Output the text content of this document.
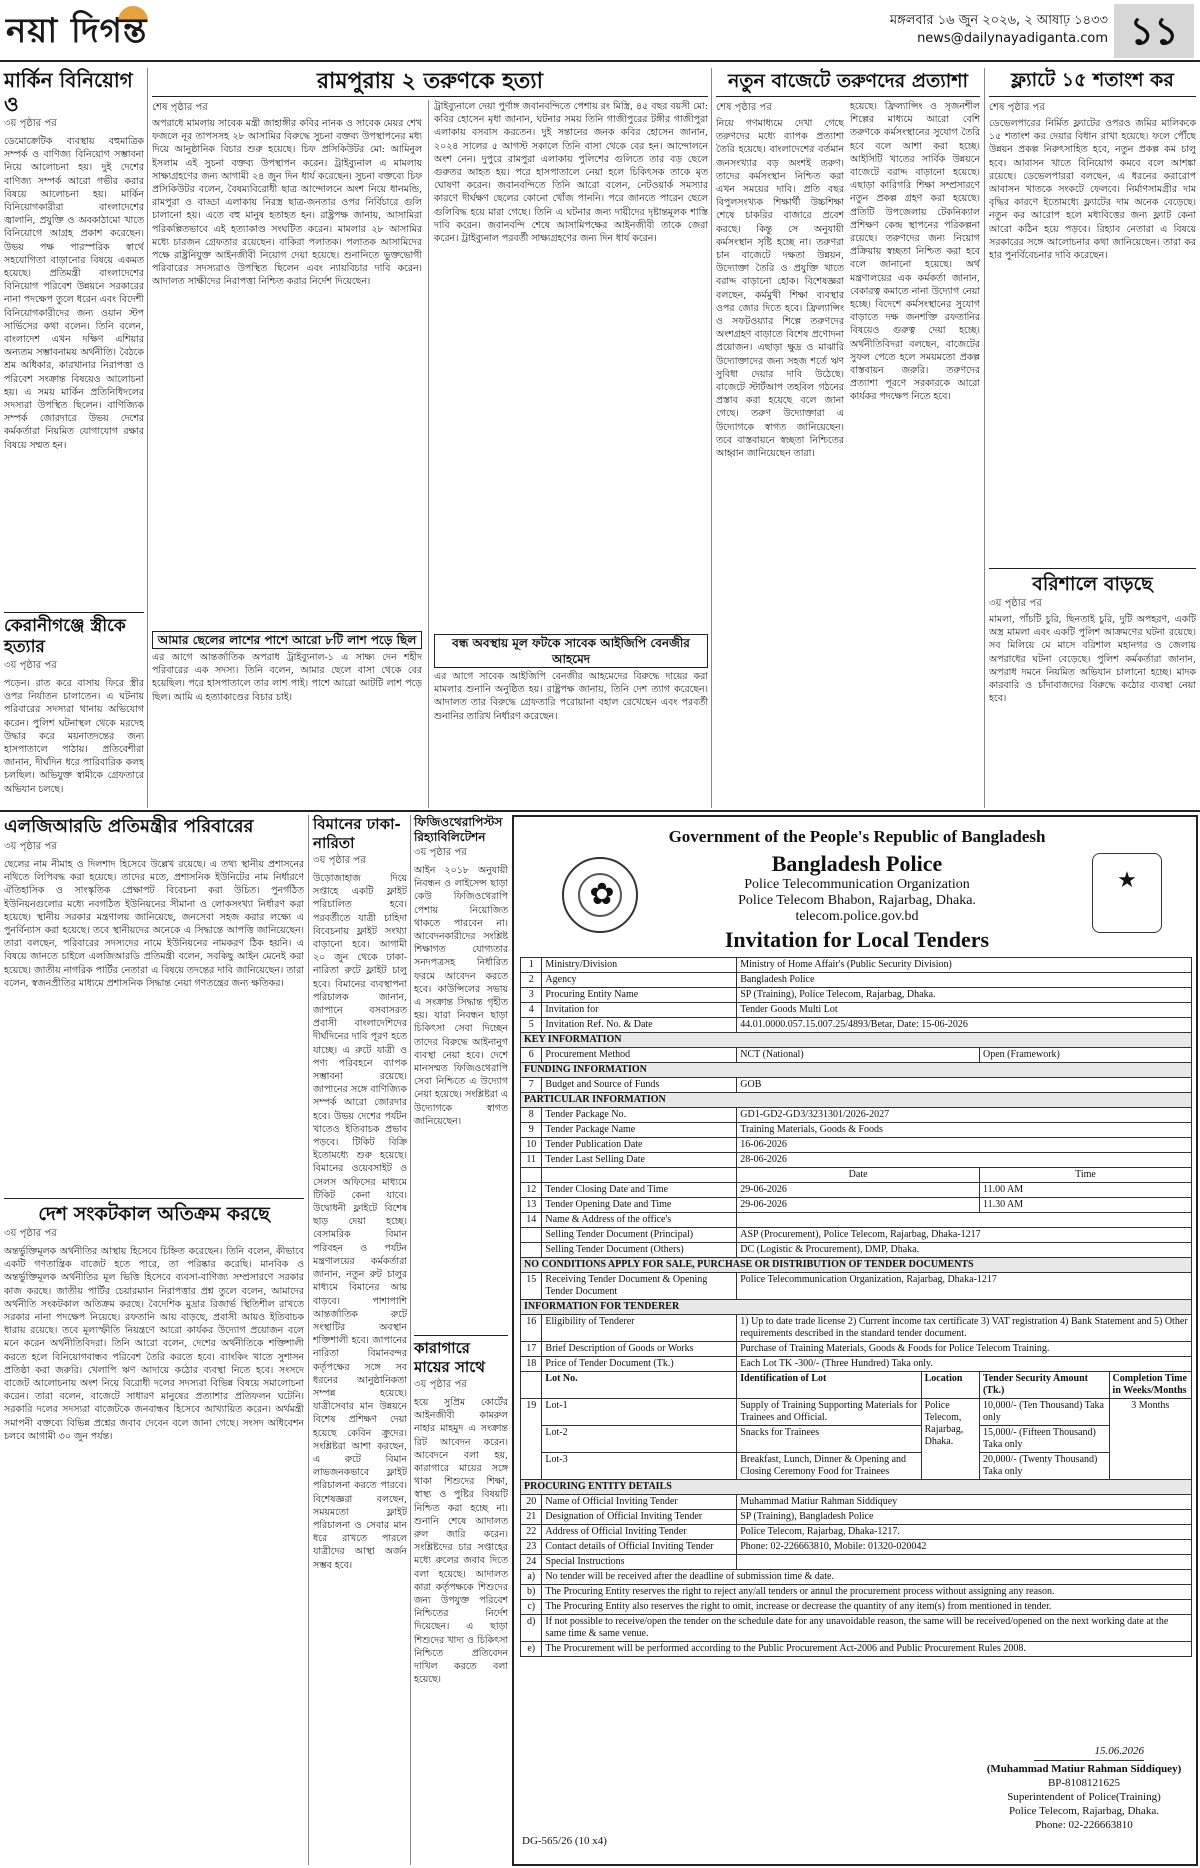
নয়া দিগন্ত	মঙ্গলবার ১৬ জুন ২০২৬, ২ আষাঢ় ১৪৩৩
news@dailynayadiganta.com ১১
মার্কিন বিনিয়োগ ও
৩য় পৃষ্ঠার পর
ডেমোক্রেটিক ব্যবস্থায় বহুমাত্রিক সম্পর্ক ও বাণিজ্য বিনিয়োগ সম্ভাবনা নিয়ে আলোচনা হয়। দুই দেশের বাণিজ্য সম্পর্ক আরো গভীর করার বিষয়ে আলোচনা হয়। মার্কিন বিনিয়োগকারীরা বাংলাদেশের জ্বালানি, প্রযুক্তি ও অবকাঠামো খাতে বিনিয়োগে আগ্রহ প্রকাশ করেছেন। উভয় পক্ষ পারস্পরিক স্বার্থে সহযোগিতা বাড়ানোর বিষয়ে একমত হয়েছে। প্রতিমন্ত্রী বাংলাদেশের বিনিয়োগ পরিবেশ উন্নয়নে সরকারের নানা পদক্ষেপ তুলে ধরেন এবং বিদেশী বিনিয়োগকারীদের জন্য ওয়ান স্টপ সার্ভিসের কথা বলেন। তিনি বলেন, বাংলাদেশ এখন দক্ষিণ এশিয়ার অন্যতম সম্ভাবনাময় অর্থনীতি। বৈঠকে শ্রম অধিকার, কারখানার নিরাপত্তা ও পরিবেশ সংক্রান্ত বিষয়েও আলোচনা হয়। এ সময় মার্কিন প্রতিনিধিদলের সদস্যরা উপস্থিত ছিলেন। বাণিজ্যিক সম্পর্ক জোরদারে উভয় দেশের কর্মকর্তারা নিয়মিত যোগাযোগ রক্ষার বিষয়ে সম্মত হন।
কেরানীগঞ্জে স্ত্রীকে হত্যার
৩য় পৃষ্ঠার পর
পড়েন। রাত করে বাসায় ফিরে স্ত্রীর ওপর নির্যাতন চালাতেন। এ ঘটনায় পরিবারের সদস্যরা থানায় অভিযোগ করেন। পুলিশ ঘটনাস্থল থেকে মরদেহ উদ্ধার করে ময়নাতদন্তের জন্য হাসপাতালে পাঠায়। প্রতিবেশীরা জানান, দীর্ঘদিন ধরে পারিবারিক কলহ চলছিল। অভিযুক্ত স্বামীকে গ্রেফতারে অভিযান চলছে।
রামপুরায় ২ তরুণকে হত্যা
শেষ পৃষ্ঠার পর
অপরাধে মামলায় সাবেক মন্ত্রী জাহাঙ্গীর কবির নানক ও সাবেক মেয়র শেখ ফজলে নূর তাপসসহ ২৮ আসামির বিরুদ্ধে সুচনা বক্তব্য উপস্থাপনের মধ্য দিয়ে আনুষ্ঠানিক বিচার শুরু হয়েছে। চিফ প্রসিকিউটর মো: আমিনুল ইসলাম এই সুচনা বক্তব্য উপস্থাপন করেন। ট্রাইব্যুনাল এ মামলায় সাক্ষ্যগ্রহণের জন্য আগামী ২৪ জুন দিন ধার্য করেছেন। সুচনা বক্তব্যে চিফ প্রসিকিউটর বলেন, বৈষম্যবিরোধী ছাত্র আন্দোলনে অংশ নিয়ে ধানমন্ডি, রামপুরা ও বাড্ডা এলাকায় নিরস্ত্র ছাত্র-জনতার ওপর নির্বিচারে গুলি চালানো হয়। এতে বহু মানুষ হতাহত হন। রাষ্ট্রপক্ষ জানায়, আসামিরা পরিকল্পিতভাবে এই হত্যাকাণ্ড সংঘটিত করেন। মামলার ২৮ আসামির মধ্যে চারজন গ্রেফতার রয়েছেন। বাকিরা পলাতক। পলাতক আসামিদের পক্ষে রাষ্ট্রনিযুক্ত আইনজীবী নিয়োগ দেয়া হয়েছে। শুনানিতে ভুক্তভোগী পরিবারের সদস্যরাও উপস্থিত ছিলেন এবং ন্যায়বিচার দাবি করেন। আদালত সাক্ষীদের নিরাপত্তা নিশ্চিত করার নির্দেশ দিয়েছেন।
আমার ছেলের লাশের পাশে আরো ৮টি লাশ পড়ে ছিল
এর আগে আন্তর্জাতিক অপরাধ ট্রাইব্যুনাল-১ এ সাক্ষ্য দেন শহীদ পরিবারের এক সদস্য। তিনি বলেন, আমার ছেলে বাসা থেকে বের হয়েছিল। পরে হাসপাতালে তার লাশ পাই। পাশে আরো আটটি লাশ পড়ে ছিল। আমি এ হত্যাকাণ্ডের বিচার চাই।
ট্রাইব্যুনালে দেয়া পুর্ণাঙ্গ জবানবন্দিতে পেশায় রং মিস্ত্রি, ৪৫ বছর বয়সী মো: কবির হোসেন মৃধা জানান, ঘটনার সময় তিনি গাজীপুরের টঙ্গীর গাজীপুরা এলাকায় বসবাস করতেন। দুই সন্তানের জনক কবির হোসেন জানান, ২০২৪ সালের ৫ আগস্ট সকালে তিনি বাসা থেকে বের হন। আন্দোলনে অংশ নেন। দুপুরে রামপুরা এলাকায় পুলিশের গুলিতে তার বড় ছেলে গুরুতর আহত হয়। পরে হাসপাতালে নেয়া হলে চিকিৎসক তাকে মৃত ঘোষণা করেন। জবানবন্দিতে তিনি আরো বলেন, নেটওয়ার্ক সমস্যার কারণে দীর্ঘক্ষণ ছেলের কোনো খোঁজ পাননি। পরে জানতে পারেন ছেলে গুলিবিদ্ধ হয়ে মারা গেছে। তিনি এ ঘটনার জন্য দায়ীদের দৃষ্টান্তমূলক শাস্তি দাবি করেন। জবানবন্দি শেষে আসামিপক্ষের আইনজীবী তাকে জেরা করেন। ট্রাইব্যুনাল পরবর্তী সাক্ষ্যগ্রহণের জন্য দিন ধার্য করেন।
বন্ধ অবস্থায় মূল ফটকে সাবেক আইজিপি বেনজীর আহমেদ
এর আগে সাবেক আইজিপি বেনজীর আহমেদের বিরুদ্ধে দায়ের করা মামলার শুনানি অনুষ্ঠিত হয়। রাষ্ট্রপক্ষ জানায়, তিনি দেশ ত্যাগ করেছেন। আদালত তার বিরুদ্ধে গ্রেফতারি পরোয়ানা বহাল রেখেছেন এবং পরবর্তী শুনানির তারিখ নির্ধারণ করেছেন।
নতুন বাজেটে তরুণদের প্রত্যাশা
শেষ পৃষ্ঠার পর
নিয়ে গণমাধ্যমে দেখা গেছে তরুণদের মধ্যে ব্যাপক প্রত্যাশা তৈরি হয়েছে। বাংলাদেশের বর্তমান জনসংখ্যার বড় অংশই তরুণ। তাদের কর্মসংস্থান নিশ্চিত করা এখন সময়ের দাবি। প্রতি বছর বিপুলসংখ্যক শিক্ষার্থী উচ্চশিক্ষা শেষে চাকরির বাজারে প্রবেশ করছে। কিন্তু সে অনুযায়ী কর্মসংস্থান সৃষ্টি হচ্ছে না। তরুণরা চান বাজেটে দক্ষতা উন্নয়ন, উদ্যোক্তা তৈরি ও প্রযুক্তি খাতে বরাদ্দ বাড়ানো হোক। বিশেষজ্ঞরা বলছেন, কর্মমুখী শিক্ষা ব্যবস্থার ওপর জোর দিতে হবে। ফ্রিল্যান্সিং ও সফটওয়্যার শিল্পে তরুণদের অংশগ্রহণ বাড়াতে বিশেষ প্রণোদনা প্রয়োজন। এছাড়া ক্ষুদ্র ও মাঝারি উদ্যোক্তাদের জন্য সহজ শর্তে ঋণ সুবিধা দেয়ার দাবি উঠেছে। বাজেটে স্টার্টআপ তহবিল গঠনের প্রস্তাব করা হয়েছে বলে জানা গেছে। তরুণ উদ্যোক্তারা এ উদ্যোগকে স্বাগত জানিয়েছেন। তবে বাস্তবায়নে স্বচ্ছতা নিশ্চিতের আহ্বান জানিয়েছেন তারা।
হয়েছে। ফ্রিল্যান্সিং ও সৃজনশীল শিল্পের মাধ্যমে আরো বেশি তরুণকে কর্মসংস্থানের সুযোগ তৈরি হবে বলে আশা করা হচ্ছে। আইসিটি খাতের সার্বিক উন্নয়নে বাজেটে বরাদ্দ বাড়ানো হয়েছে। এছাড়া কারিগরি শিক্ষা সম্প্রসারণে নতুন প্রকল্প গ্রহণ করা হয়েছে। প্রতিটি উপজেলায় টেকনিক্যাল প্রশিক্ষণ কেন্দ্র স্থাপনের পরিকল্পনা রয়েছে। তরুণদের জন্য নিয়োগ প্রক্রিয়ায় স্বচ্ছতা নিশ্চিত করা হবে বলে জানানো হয়েছে। অর্থ মন্ত্রণালয়ের এক কর্মকর্তা জানান, বেকারত্ব কমাতে নানা উদ্যোগ নেয়া হচ্ছে। বিদেশে কর্মসংস্থানের সুযোগ বাড়াতে দক্ষ জনশক্তি রফতানির বিষয়েও গুরুত্ব দেয়া হচ্ছে। অর্থনীতিবিদরা বলছেন, বাজেটের সুফল পেতে হলে সময়মতো প্রকল্প বাস্তবায়ন জরুরি। তরুণদের প্রত্যাশা পূরণে সরকারকে আরো কার্যকর পদক্ষেপ নিতে হবে।
ফ্ল্যাটে ১৫ শতাংশ কর
শেষ পৃষ্ঠার পর
ডেভেলপারের নির্মিত ফ্ল্যাটের ওপরও জমির মালিককে ১৫ শতাংশ কর দেয়ার বিধান রাখা হয়েছে। ফলে পৌঁছে উন্নয়ন প্রকল্প নিরুৎসাহিত হবে, নতুন প্রকল্প কম চালু হবে। আবাসন খাতে বিনিয়োগ কমবে বলে আশঙ্কা রয়েছে। ডেভেলপাররা বলছেন, এ ধরনের করারোপ আবাসন খাতকে সংকটে ফেলবে। নির্মাণসামগ্রীর দাম বৃদ্ধির কারণে ইতোমধ্যে ফ্ল্যাটের দাম অনেক বেড়েছে। নতুন কর আরোপ হলে মধ্যবিত্তের জন্য ফ্ল্যাট কেনা আরো কঠিন হয়ে পড়বে। রিহ্যাব নেতারা এ বিষয়ে সরকারের সঙ্গে আলোচনার কথা জানিয়েছেন। তারা কর হার পুনর্বিবেচনার দাবি করেছেন।
বরিশালে বাড়ছে
৩য় পৃষ্ঠার পর
মামলা, পাঁচটি চুরি, ছিনতাই চুরি, দুটি অপহরণ, একটি অস্ত্র মামলা এবং একটি পুলিশ আক্রমণের ঘটনা রয়েছে। সব মিলিয়ে মে মাসে বরিশাল মহানগর ও জেলায় অপরাধের ঘটনা বেড়েছে। পুলিশ কর্মকর্তারা জানান, অপরাধ দমনে নিয়মিত অভিযান চালানো হচ্ছে। মাদক কারবারি ও চাঁদাবাজদের বিরুদ্ধে কঠোর ব্যবস্থা নেয়া হবে।
এলজিআরডি প্রতিমন্ত্রীর পরিবারের
৩য় পৃষ্ঠার পর
ছেলের নাম নীমাহ ও দিলশাদ হিসেবে উল্লেখ রয়েছে। এ তথ্য স্থানীয় প্রশাসনের নথিতে লিপিবদ্ধ করা হয়েছে। তাদের মতে, প্রশাসনিক ইউনিটের নাম নির্ধারণে ঐতিহাসিক ও সাংস্কৃতিক প্রেক্ষাপট বিবেচনা করা উচিত। পুনর্গঠিত ইউনিয়নগুলোর মধ্যে নবগঠিত ইউনিয়নের সীমানা ও লোকসংখ্যা নির্ধারণ করা হয়েছে। স্থানীয় সরকার মন্ত্রণালয় জানিয়েছে, জনসেবা সহজ করার লক্ষ্যে এ পুনর্বিন্যাস করা হয়েছে। তবে স্থানীয়দের অনেকে এ সিদ্ধান্তে আপত্তি জানিয়েছেন। তারা বলছেন, পরিবারের সদস্যদের নামে ইউনিয়নের নামকরণ ঠিক হয়নি। এ বিষয়ে জানতে চাইলে এলজিআরডি প্রতিমন্ত্রী বলেন, সবকিছু আইন মেনেই করা হয়েছে। জাতীয় নাগরিক পার্টির নেতারা এ বিষয়ে তদন্তের দাবি জানিয়েছেন। তারা বলেন, স্বজনপ্রীতির মাধ্যমে প্রশাসনিক সিদ্ধান্ত নেয়া গণতন্ত্রের জন্য ক্ষতিকর।
দেশ সংকটকাল অতিক্রম করছে
৩য় পৃষ্ঠার পর
অন্তর্ভুক্তিমূলক অর্থনীতির আস্থায় হিসেবে চিহ্নিত করেছেন। তিনি বলেন, কীভাবে একটি গণতান্ত্রিক বাজেট হতে পারে, তা পরিষ্কার করেছি। মানবিক ও অন্তর্ভুক্তিমূলক অর্থনীতির মূল ভিত্তি হিসেবে ব্যবসা-বাণিজ্য সম্প্রসারণে সরকার কাজ করছে। জাতীয় পার্টির চেয়ারম্যান নিরাপত্তার প্রশ্ন তুলে বলেন, আমাদের অর্থনীতি সংকটকাল অতিক্রম করছে। বৈদেশিক মুদ্রার রিজার্ভ স্থিতিশীল রাখতে সরকার নানা পদক্ষেপ নিয়েছে। রফতানি আয় বাড়ছে, প্রবাসী আয়ও ইতিবাচক ধারায় রয়েছে। তবে মূল্যস্ফীতি নিয়ন্ত্রণে আরো কার্যকর উদ্যোগ প্রয়োজন বলে মনে করেন অর্থনীতিবিদরা। তিনি আরো বলেন, দেশের অর্থনীতিকে শক্তিশালী করতে হলে বিনিয়োগবান্ধব পরিবেশ তৈরি করতে হবে। ব্যাংকিং খাতে সুশাসন প্রতিষ্ঠা করা জরুরি। খেলাপি ঋণ আদায়ে কঠোর ব্যবস্থা নিতে হবে। সংসদে বাজেট আলোচনায় অংশ নিয়ে বিরোধী দলের সদস্যরা বিভিন্ন বিষয়ে সমালোচনা করেন। তারা বলেন, বাজেটে সাধারণ মানুষের প্রত্যাশার প্রতিফলন ঘটেনি। সরকারি দলের সদস্যরা বাজেটকে জনবান্ধব হিসেবে আখ্যায়িত করেন। অর্থমন্ত্রী সমাপনী বক্তব্যে বিভিন্ন প্রশ্নের জবাব দেবেন বলে জানা গেছে। সংসদ অধিবেশন চলবে আগামী ৩০ জুন পর্যন্ত।
বিমানের ঢাকা-নারিতা
৩য় পৃষ্ঠার পর
উড়োজাহাজ দিয়ে সপ্তাহে একটি ফ্লাইট পরিচালিত হবে। পরবর্তীতে যাত্রী চাহিদা বিবেচনায় ফ্লাইট সংখ্যা বাড়ানো হবে। আগামী ২০ জুন থেকে ঢাকা-নারিতা রুটে ফ্লাইট চালু হবে। বিমানের ব্যবস্থাপনা পরিচালক জানান, জাপানে বসবাসরত প্রবাসী বাংলাদেশিদের দীর্ঘদিনের দাবি পূরণ হতে যাচ্ছে। এ রুটে যাত্রী ও পণ্য পরিবহনে ব্যাপক সম্ভাবনা রয়েছে। জাপানের সঙ্গে বাণিজ্যিক সম্পর্ক আরো জোরদার হবে। উভয় দেশের পর্যটন খাতেও ইতিবাচক প্রভাব পড়বে। টিকিট বিক্রি ইতোমধ্যে শুরু হয়েছে। বিমানের ওয়েবসাইট ও সেলস অফিসের মাধ্যমে টিকিট কেনা যাবে। উদ্বোধনী ফ্লাইটে বিশেষ ছাড় দেয়া হচ্ছে। বেসামরিক বিমান পরিবহন ও পর্যটন মন্ত্রণালয়ের কর্মকর্তারা জানান, নতুন রুট চালুর মাধ্যমে বিমানের আয় বাড়বে। পাশাপাশি আন্তর্জাতিক রুটে সংস্থাটির অবস্থান শক্তিশালী হবে। জাপানের নারিতা বিমানবন্দর কর্তৃপক্ষের সঙ্গে সব ধরনের আনুষ্ঠানিকতা সম্পন্ন হয়েছে। যাত্রীসেবার মান উন্নয়নে বিশেষ প্রশিক্ষণ দেয়া হয়েছে কেবিন ক্রুদের। সংশ্লিষ্টরা আশা করছেন, এ রুটে বিমান লাভজনকভাবে ফ্লাইট পরিচালনা করতে পারবে। বিশেষজ্ঞরা বলছেন, সময়মতো ফ্লাইট পরিচালনা ও সেবার মান ধরে রাখতে পারলে যাত্রীদের আস্থা অর্জন সম্ভব হবে।
ফিজিওথেরাপিস্টস রিহ্যাবিলিটেশন
৩য় পৃষ্ঠার পর
আইন ২০১৮ অনুযায়ী নিবন্ধন ও লাইসেন্স ছাড়া কেউ ফিজিওথেরাপি পেশায় নিয়োজিত থাকতে পারবেন না। আবেদনকারীদের সংশ্লিষ্ট শিক্ষাগত যোগ্যতার সনদপত্রসহ নির্ধারিত ফরমে আবেদন করতে হবে। কাউন্সিলের সভায় এ সংক্রান্ত সিদ্ধান্ত গৃহীত হয়। যারা নিবন্ধন ছাড়া চিকিৎসা সেবা দিচ্ছেন তাদের বিরুদ্ধে আইনানুগ ব্যবস্থা নেয়া হবে। দেশে মানসম্মত ফিজিওথেরাপি সেবা নিশ্চিতে এ উদ্যোগ নেয়া হয়েছে। সংশ্লিষ্টরা এ উদ্যোগকে স্বাগত জানিয়েছেন।
কারাগারে মায়ের সাথে
৩য় পৃষ্ঠার পর
হয়ে সুপ্রিম কোর্টের আইনজীবী কামরুল নাহার মাহমুদ এ সংক্রান্ত রিট আবেদন করেন। আবেদনে বলা হয়, কারাগারে মায়ের সঙ্গে থাকা শিশুদের শিক্ষা, স্বাস্থ্য ও পুষ্টির বিষয়টি নিশ্চিত করা হচ্ছে না। শুনানি শেষে আদালত রুল জারি করেন। সংশ্লিষ্টদের চার সপ্তাহের মধ্যে রুলের জবাব দিতে বলা হয়েছে। আদালত কারা কর্তৃপক্ষকে শিশুদের জন্য উপযুক্ত পরিবেশ নিশ্চিতের নির্দেশ দিয়েছেন। এ ছাড়া শিশুদের খাদ্য ও চিকিৎসা নিশ্চিতে প্রতিবেদন দাখিল করতে বলা হয়েছে।
Government of the People's Republic of Bangladesh
✿	★
Bangladesh Police
Police Telecommunication Organization
Police Telecom Bhabon, Rajarbag, Dhaka.
telecom.police.gov.bd
Invitation for Local Tenders
1	Ministry/Division	Ministry of Home Affair's (Public Security Division)			
2	Agency	Bangladesh Police			
3	Procuring Entity Name	SP (Training), Police Telecom, Rajarbag, Dhaka.			
4	Invitation for	Tender Goods Multi Lot			
5	Invitation Ref. No. & Date	44.01.0000.057.15.007.25/4893/Betar, Date: 15-06-2026			
KEY INFORMATION					
6	Procurement Method	NCT (National)		Open (Framework)	
FUNDING INFORMATION					
7	Budget and Source of Funds	GOB			
PARTICULAR INFORMATION					
8	Tender Package No.	GD1-GD2-GD3/3231301/2026-2027			
9	Tender Package Name	Training Materials, Goods & Foods			
10	Tender Publication Date	16-06-2026			
11	Tender Last Selling Date	28-06-2026			
		Date		Time	
12	Tender Closing Date and Time	29-06-2026		11.00 AM	
13	Tender Opening Date and Time	29-06-2026		11.30 AM	
14	Name & Address of the office's				
	Selling Tender Document (Principal)	ASP (Procurement), Police Telecom, Rajarbag, Dhaka-1217			
	Selling Tender Document (Others)	DC (Logistic & Procurement), DMP, Dhaka.			
NO CONDITIONS APPLY FOR SALE, PURCHASE OR DISTRIBUTION OF TENDER DOCUMENTS					
15	Receiving Tender Document & Opening Tender Document	Police Telecommunication Organization, Rajarbag, Dhaka-1217			
INFORMATION FOR TENDERER					
16	Eligibility of Tenderer	1) Up to date trade license 2) Current income tax certificate 3) VAT registration 4) Bank Statement and 5) Other requirements described in the standard tender document.			
17	Brief Description of Goods or Works	Purchase of Training Materials, Goods & Foods for Police Telecom Training.			
18	Price of Tender Document (Tk.)	Each Lot TK -300/- (Three Hundred) Taka only.			
	Lot No.	Identification of Lot	Location	Tender Security Amount (Tk.)	Completion Time in Weeks/Months
19	Lot-1	Supply of Training Supporting Materials for Trainees and Official.	Police Telecom, Rajarbag, Dhaka.	10,000/- (Ten Thousand) Taka only	3 Months
	Lot-2	Snacks for Trainees		15,000/- (Fifteen Thousand) Taka only	
	Lot-3	Breakfast, Lunch, Dinner & Opening and Closing Ceremony Food for Trainees		20,000/- (Twenty Thousand) Taka only	
PROCURING ENTITY DETAILS					
20	Name of Official Inviting Tender	Muhammad Matiur Rahman Siddiquey			
21	Designation of Official Inviting Tender	SP (Training), Bangladesh Police			
22	Address of Official Inviting Tender	Police Telecom, Rajarbag, Dhaka-1217.			
23	Contact details of Official Inviting Tender	Phone: 02-226663810, Mobile: 01320-020042			
24	Special Instructions				
a)	No tender will be received after the deadline of submission time & date.				
b)	The Procuring Entity reserves the right to reject any/all tenders or annul the procurement process without assigning any reason.				
c)	The Procuring Entity also reserves the right to omit, increase or decrease the quantity of any item(s) from mentioned in tender.				
d)	If not possible to receive/open the tender on the schedule date for any unavoidable reason, the same will be received/opened on the next working date at the same time & same venue.				
e)	The Procurement will be performed according to the Public Procurement Act-2006 and Public Procurement Rules 2008.				
15.06.2026
(Muhammad Matiur Rahman Siddiquey)
BP-8108121625
Superintendent of Police(Training)
Police Telecom, Rajarbag, Dhaka.
Phone: 02-226663810
DG-565/26 (10 x4)
